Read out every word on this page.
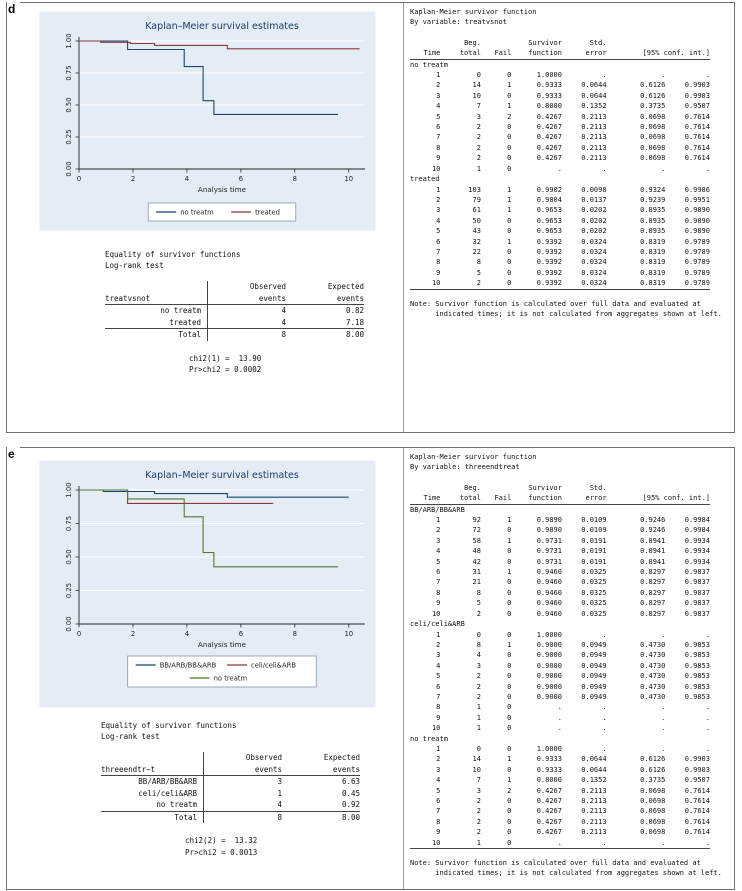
d
Kaplan–Meier survival estimates
0.00
0.25
0.50
0.75
1.00
0	2	4	6	8	10
Analysis time
no treatm	treated
Equality of survivor functions
Log-rank test
	Observed	Expected
treatvsnot	events	events
no treatm	4	0.82
treated	4	7.18
Total	8	8.00
chi2(1) =  13.90
Pr>chi2 = 0.0002
Kaplan-Meier survivor function
By variable: treatvsnot
	Beg.		Survivor	Std.		
Time	total	Fail	function	error	[95% conf. int.]	
no treatm						
1	0	0	1.0000	.	.	.
2	14	1	0.9333	0.0644	0.6126	0.9903
3	10	0	0.9333	0.0644	0.6126	0.9903
4	7	1	0.8000	0.1352	0.3735	0.9507
5	3	2	0.4267	0.2113	0.0698	0.7614
6	2	0	0.4267	0.2113	0.0698	0.7614
7	2	0	0.4267	0.2113	0.0698	0.7614
8	2	0	0.4267	0.2113	0.0698	0.7614
9	2	0	0.4267	0.2113	0.0698	0.7614
10	1	0	.	.	.	.
treated						
1	103	1	0.9902	0.0098	0.9324	0.9986
2	79	1	0.9804	0.0137	0.9239	0.9951
3	61	1	0.9653	0.0202	0.8935	0.9890
4	50	0	0.9653	0.0202	0.8935	0.9890
5	43	0	0.9653	0.0202	0.8935	0.9890
6	32	1	0.9392	0.0324	0.8319	0.9789
7	22	0	0.9392	0.0324	0.8319	0.9789
8	8	0	0.9392	0.0324	0.8319	0.9789
9	5	0	0.9392	0.0324	0.8319	0.9789
10	2	0	0.9392	0.0324	0.8319	0.9789
Note: Survivor function is calculated over full data and evaluated at
indicated times; it is not calculated from aggregates shown at left.
e
Kaplan–Meier survival estimates
0.00
0.25
0.50
0.75
1.00
0	2	4	6	8	10
Analysis time
BB/ARB/BB&ARB	celi/celi&ARB
no treatm
Equality of survivor functions
Log-rank test
	Observed	Expected
threeendtr~t	events	events
BB/ARB/BB&ARB	3	6.63
celi/celi&ARB	1	0.45
no treatm	4	0.92
Total	8	8.00
chi2(2) =  13.32
Pr>chi2 = 0.0013
Kaplan-Meier survivor function
By variable: threeendtreat
	Beg.		Survivor	Std.		
Time	total	Fail	function	error	[95% conf. int.]	
BB/ARB/BB&ARB						
1	92	1	0.9890	0.0109	0.9246	0.9984
2	72	0	0.9890	0.0109	0.9246	0.9984
3	58	1	0.9731	0.0191	0.8941	0.9934
4	48	0	0.9731	0.0191	0.8941	0.9934
5	42	0	0.9731	0.0191	0.8941	0.9934
6	31	1	0.9460	0.0325	0.8297	0.9837
7	21	0	0.9460	0.0325	0.8297	0.9837
8	8	0	0.9460	0.0325	0.8297	0.9837
9	5	0	0.9460	0.0325	0.8297	0.9837
10	2	0	0.9460	0.0325	0.8297	0.9837
celi/celi&ARB						
1	0	0	1.0000	.	.	.
2	8	1	0.9000	0.0949	0.4730	0.9853
3	4	0	0.9000	0.0949	0.4730	0.9853
4	3	0	0.9000	0.0949	0.4730	0.9853
5	2	0	0.9000	0.0949	0.4730	0.9853
6	2	0	0.9000	0.0949	0.4730	0.9853
7	2	0	0.9000	0.0949	0.4730	0.9853
8	1	0	.	.	.	.
9	1	0	.	.	.	.
10	1	0	.	.	.	.
no treatm						
1	0	0	1.0000	.	.	.
2	14	1	0.9333	0.0644	0.6126	0.9903
3	10	0	0.9333	0.0644	0.6126	0.9903
4	7	1	0.8000	0.1352	0.3735	0.9507
5	3	2	0.4267	0.2113	0.0698	0.7614
6	2	0	0.4267	0.2113	0.0698	0.7614
7	2	0	0.4267	0.2113	0.0698	0.7614
8	2	0	0.4267	0.2113	0.0698	0.7614
9	2	0	0.4267	0.2113	0.0698	0.7614
10	1	0	.	.	.	.
Note: Survivor function is calculated over full data and evaluated at
indicated times; it is not calculated from aggregates shown at left.
